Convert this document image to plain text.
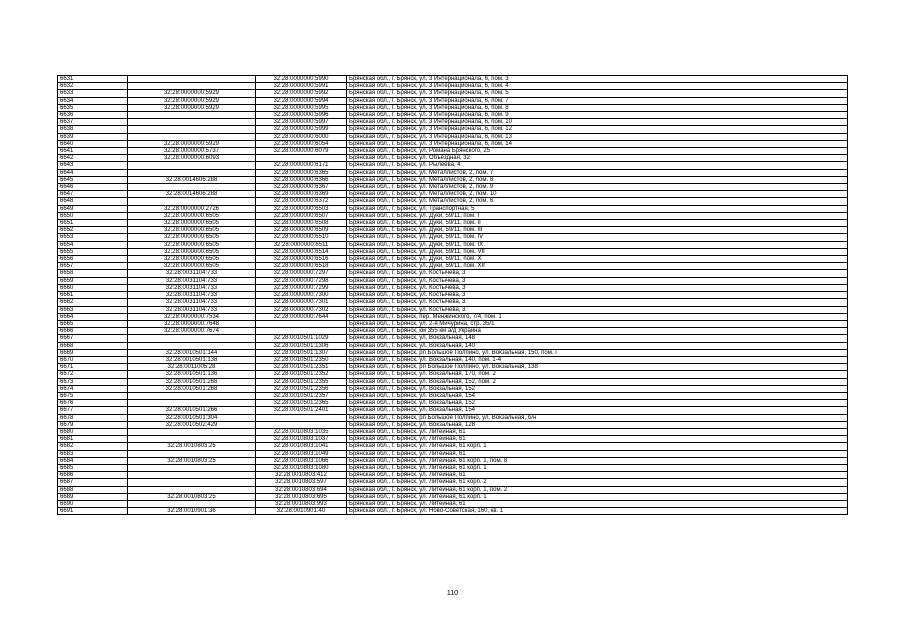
6631		32:28:0000000:5990	Брянская обл., г. Брянск, ул. 3 Интернационала, 6, пом. 3
6632		32:28:0000000:5991	Брянская обл., г. Брянск, ул. 3 Интернационала, 6, пом. 4
6633	32:28:0000000:5929	32:28:0000000:5992	Брянская обл., г. Брянск, ул. 3 Интернационала, 6, пом. 5
6634	32:28:0000000:5929	32:28:0000000:5994	Брянская обл., г. Брянск, ул. 3 Интернационала, 6, пом. 7
6635	32:28:0000000:5929	32:28:0000000:5995	Брянская обл., г. Брянск, ул. 3 Интернационала, 6, пом. 8
6636		32:28:0000000:5996	Брянская обл., г. Брянск, ул. 3 Интернационала, 6, пом. 9
6637		32:28:0000000:5997	Брянская обл., г. Брянск, ул. 3 Интернационала, 6, пом. 10
6638		32:28:0000000:5999	Брянская обл., г. Брянск, ул. 3 Интернационала, 6, пом. 12
6639		32:28:0000000:6000	Брянская обл., г. Брянск, ул. 3 Интернационала, 6, пом. 13
6640	32:28:0000000:5929	32:28:0000000:6054	Брянская обл., г. Брянск, ул. 3 Интернационала, 6, пом. 14
6641	32:28:0000000:5737	32:28:0000000:6079	Брянская обл., г. Брянск, ул. Романа Брянского, 25
6642	32:28:0000000:6093		Брянская обл., г. Брянск, ул. Объездная, 32
6643		32:28:0000000:6171	Брянская обл., г. Брянск, ул. Рылеева, 4
6644		32:28:0000000:6365	Брянская обл., г. Брянск, ул. Металлистов, 2, пом. 7
6645	32:28:0014606:288	32:28:0000000:6366	Брянская обл., г. Брянск, ул. Металлистов, 2, пом. 8
6646		32:28:0000000:6367	Брянская обл., г. Брянск, ул. Металлистов, 2, пом. 9
6647	32:28:0014606:288	32:28:0000000:6369	Брянская обл., г. Брянск, ул. Металлистов, 2, пом. 10
6648		32:28:0000000:6372	Брянская обл., г. Брянск, ул. Металлистов, 2, пом. 6
6649	32:28:0000000:2726	32:28:0000000:6503	Брянская обл., г. Брянск, ул. Транспортная, 5
6650	32:28:0000000:6505	32:28:0000000:6507	Брянская обл., г. Брянск, ул. Дуки, 59/11, пом. I
6651	32:28:0000000:6505	32:28:0000000:6508	Брянская обл., г. Брянск, ул. Дуки, 59/11, пом. II
6652	32:28:0000000:6505	32:28:0000000:6509	Брянская обл., г. Брянск, ул. Дуки, 59/11, пом. III
6653	32:28:0000000:6505	32:28:0000000:6510	Брянская обл., г. Брянск, ул. Дуки, 59/11, пом. IV
6654	32:28:0000000:6505	32:28:0000000:6511	Брянская обл., г. Брянск, ул. Дуки, 59/11, пом. IX
6655	32:28:0000000:6505	32:28:0000000:6514	Брянская обл., г. Брянск, ул. Дуки, 59/11, пом. VII
6656	32:28:0000000:6505	32:28:0000000:6516	Брянская обл., г. Брянск, ул. Дуки, 59/11, пом. X
6657	32:28:0000000:6505	32:28:0000000:6518	Брянская обл., г. Брянск, ул. Дуки, 59/11, пом. XII
6658	32:28:0031104:733	32:28:0000000:7297	Брянская обл., г. Брянск, ул. Костычева, 3
6659	32:28:0031104:733	32:28:0000000:7298	Брянская обл., г. Брянск, ул. Костычева, 3
6660	32:28:0031104:733	32:28:0000000:7299	Брянская обл., г. Брянск, ул. Костычева, 3
6661	32:28:0031104:733	32:28:0000000:7300	Брянская обл., г. Брянск, ул. Костычева, 3
6662	32:28:0031104:733	32:28:0000000:7301	Брянская обл., г. Брянск, ул. Костычева, 3
6663	32:28:0031104:733	32:28:0000000:7302	Брянская обл., г. Брянск, ул. Костычева, 3
6664	32:28:0000000:7534	32:28:0000000:7644	Брянская обл., г. Брянск, пер. Менжинского, 7/4, пом. 1
6665	32:28:0000000:7648		Брянская обл., г. Брянск, ул. 2-я Мичурина, стр. 35/1
6666	32:28:0000000:7674		Брянская обл., г. Брянск, км 355 км а/д Украина
6667		32:28:0010501:1029	Брянская обл., г. Брянск, ул. Вокзальная, 148
6668		32:28:0010501:1306	Брянская обл., г. Брянск, ул. Вокзальная, 140
6669	32:28:0010501:144	32:28:0010501:1307	Брянская обл., г. Брянск, рп Большое Полпино, ул. Вокзальная, 150, пом. I
6670	32:28:0010501:138	32:28:0010501:2350	Брянская обл., г. Брянск, ул. Вокзальная, 140, пом. 1-4
6671	32:28:0011005:28	32:28:0010501:2351	Брянская обл., г. Брянск, рп Большое Полпино, ул. Вокзальная, 138
6672	32:28:0010501:136	32:28:0010501:2352	Брянская обл., г. Брянск, ул. Вокзальная, 170, пом. 2
6673	32:28:0010501:268	32:28:0010501:2355	Брянская обл., г. Брянск, ул. Вокзальная, 152, пом. 2
6674	32:28:0010501:268	32:28:0010501:2356	Брянская обл., г. Брянск, ул. Вокзальная, 152
6675		32:28:0010501:2357	Брянская обл., г. Брянск, ул. Вокзальная, 154
6676		32:28:0010501:2365	Брянская обл., г. Брянск, ул. Вокзальная, 152
6677	32:28:0010501:266	32:28:0010501:2401	Брянская обл., г. Брянск, ул. Вокзальная, 154
6678	32:28:0010501:304		Брянская обл., г. Брянск, рп Большое Полпино, ул. Вокзальная, б/н
6679	32:28:0010502:429		Брянская обл., г. Брянск, ул. Вокзальная, 128
6680		32:28:0010803:1035	Брянская обл., г. Брянск, ул. Литейная, 61
6681		32:28:0010803:1037	Брянская обл., г. Брянск, ул. Литейная, 61
6682	32:28:0010803:25	32:28:0010803:1041	Брянская обл., г. Брянск, ул. Литейная, 61 корп. 1
6683		32:28:0010803:1049	Брянская обл., г. Брянск, ул. Литейная, 61
6684	32:28:0010803:25	32:28:0010803:1066	Брянская обл., г. Брянск, ул. Литейная, 61 корп. 1, пом. 8
6685		32:28:0010803:1080	Брянская обл., г. Брянск, ул. Литейная, 61 корп. 1
6686		32:28:0010803:412	Брянская обл., г. Брянск, ул. Литейная, 61
6687		32:28:0010803:597	Брянская обл., г. Брянск, ул. Литейная, 61 корп. 2
6688		32:28:0010803:694	Брянская обл., г. Брянск, ул. Литейная, 61 корп. 1, пом. 2
6689	32:28:0010803:25	32:28:0010803:695	Брянская обл., г. Брянск, ул. Литейная, 61 корп. 1
6690		32:28:0010803:993	Брянская обл., г. Брянск, ул. Литейная, 61
6691	32:28:0010901:36	32:28:0010901:40	Брянская обл., г. Брянск, ул. Ново-Советская, 160, кв. 1
110
